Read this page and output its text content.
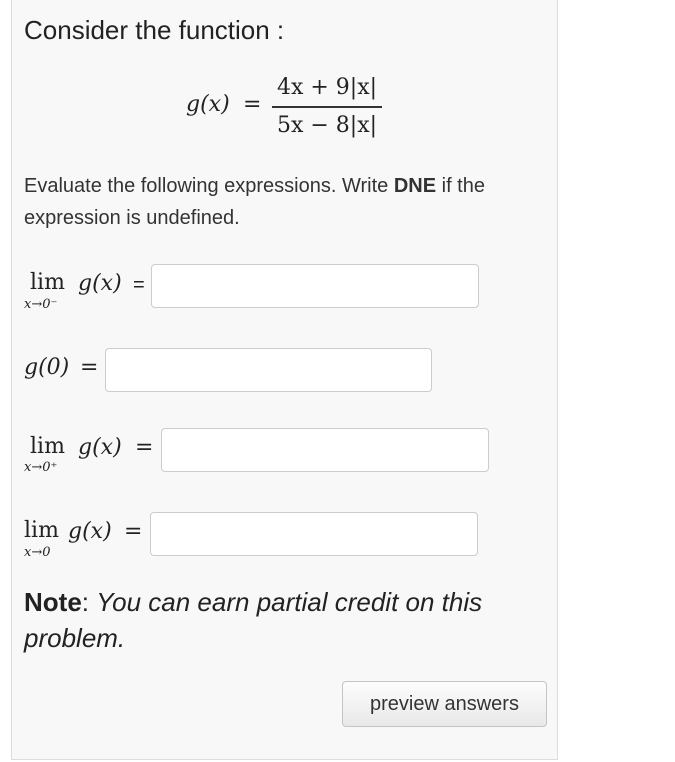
Consider the function :
g(x) =
4x + 9|x|
5x − 8|x|
Evaluate the following expressions. Write DNE if the expression is undefined.
lim
x→0⁻
g(x) =
g(0) =
lim
x→0⁺
g(x) =
lim
x→0
g(x) =
Note: You can earn partial credit on this problem.
preview answers
